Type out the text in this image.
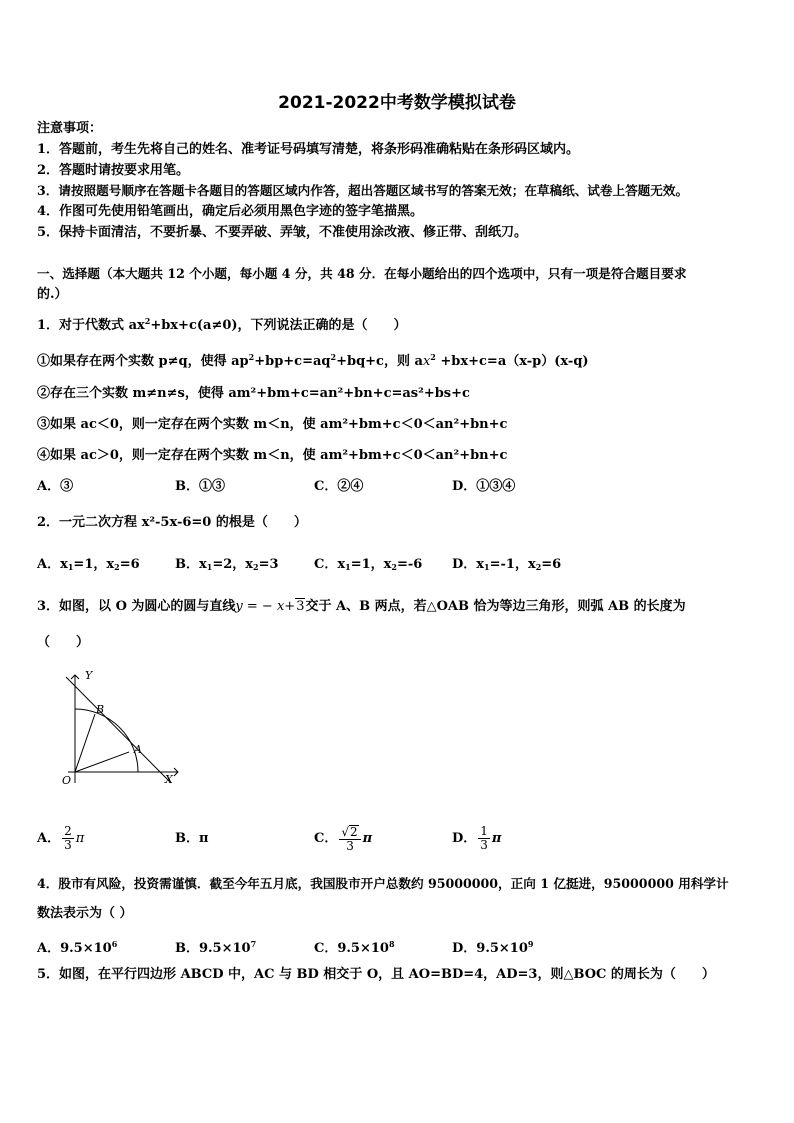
2021-2022中考数学模拟试卷
注意事项：
1．答题前，考生先将自己的姓名、准考证号码填写清楚，将条形码准确粘贴在条形码区域内。
2．答题时请按要求用笔。
3．请按照题号顺序在答题卡各题目的答题区域内作答，超出答题区域书写的答案无效；在草稿纸、试卷上答题无效。
4．作图可先使用铅笔画出，确定后必须用黑色字迹的签字笔描黑。
5．保持卡面清洁，不要折暴、不要弄破、弄皱，不准使用涂改液、修正带、刮纸刀。
一、选择题（本大题共 12 个小题，每小题 4 分，共 48 分．在每小题给出的四个选项中，只有一项是符合题目要求
的.）
1．对于代数式 $ax^2+bx+c(a\ne 0)$，下列说法正确的是（　　）
①如果存在两个实数 p≠q，使得 $ap^2+bp+c=aq^2+bq+c$，则 $ax^2 +bx+c=a(x-p)(x-q)$
②存在三个实数 m≠n≠s，使得 am²+bm+c=an²+bn+c=as²+bs+c
③如果 ac＜0，则一定存在两个实数 m＜n，使 am²+bm+c＜0＜an²+bn+c
④如果 ac＞0，则一定存在两个实数 m＜n，使 am²+bm+c＜0＜an²+bn+c
A．③	B．①③	C．②④	D．①③④
2．一元二次方程 x²-5x-6=0 的根是（　　）
A．$x_1=1$，$x_2=6$	B．$x_1=2$，$x_2=3$	C．$x_1=1$，$x_2=-6$ D．$x_1=-1$，$x_2=6$
3．如图，以 O 为圆心的圆与直线y = − x+3交于 A、B 两点，若△OAB 恰为等边三角形，则弧 AB 的长度为
（　　）
Y
X
O
A
B
A． $\frac{2}{3}$ π	B．π	C． $\frac{√2}{3}$ π	D． $\frac{1}{3}$ π
4．股市有风险，投资需谨慎．截至今年五月底，我国股市开户总数约 95000000，正向 1 亿挺进，95000000 用科学计
数法表示为（ ）
A．$9.5\times 10^6$	B．$9.5\times 10^7$	C．$9.5\times 10^8$	D．$9.5\times 10^9$
5．如图，在平行四边形 ABCD 中，AC 与 BD 相交于 O，且 AO=BD=4，AD=3，则△BOC 的周长为（　　）
